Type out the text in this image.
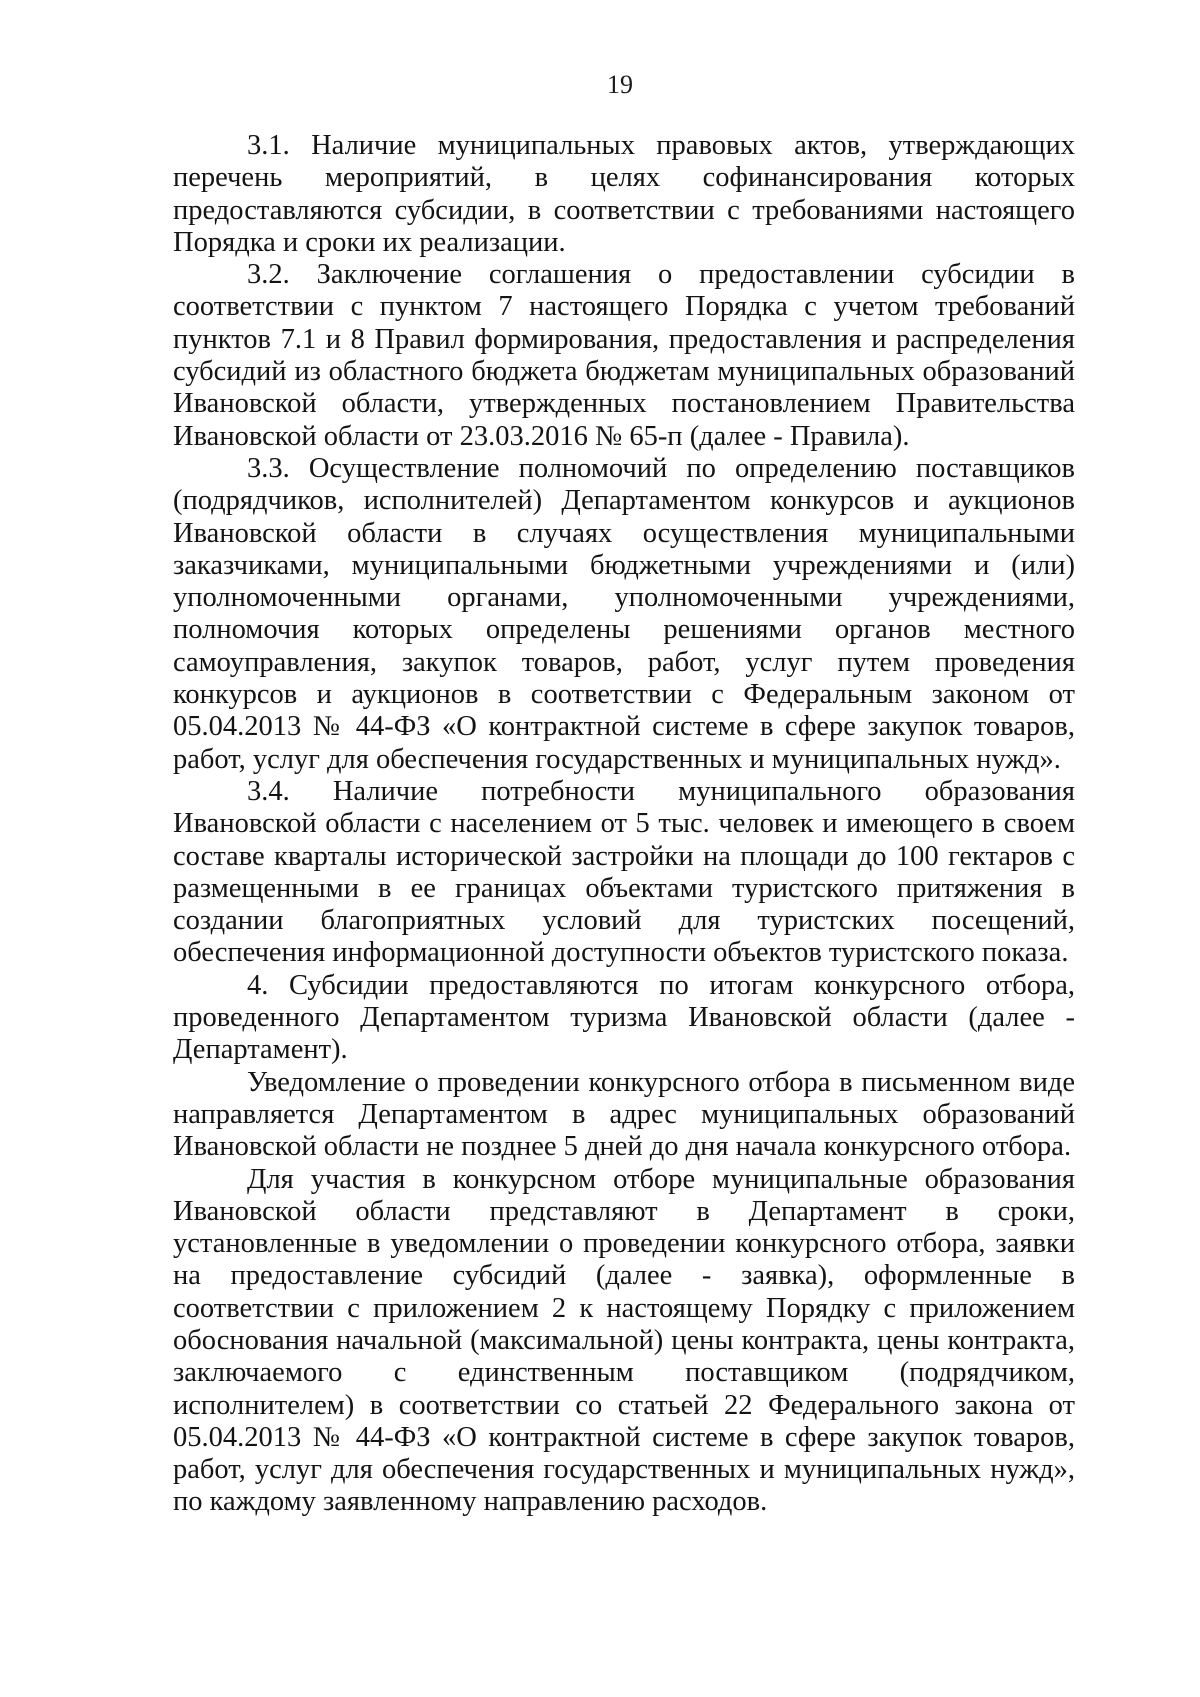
19

3.1. Наличие муниципальных правовых актов, утверждающих перечень мероприятий, в целях софинансирования которых предоставляются субсидии, в соответствии с требованиями настоящего Порядка и сроки их реализации.

3.2. Заключение соглашения о предоставлении субсидии в соответствии с пунктом 7 настоящего Порядка с учетом требований пунктов 7.1 и 8 Правил формирования, предоставления и распределения субсидий из областного бюджета бюджетам муниципальных образований Ивановской области, утвержденных постановлением Правительства Ивановской области от 23.03.2016 № 65-п (далее - Правила).

3.3. Осуществление полномочий по определению поставщиков (подрядчиков, исполнителей) Департаментом конкурсов и аукционов Ивановской области в случаях осуществления муниципальными заказчиками, муниципальными бюджетными учреждениями и (или) уполномоченными органами, уполномоченными учреждениями, полномочия которых определены решениями органов местного самоуправления, закупок товаров, работ, услуг путем проведения конкурсов и аукционов в соответствии с Федеральным законом от 05.04.2013 № 44-ФЗ «О контрактной системе в сфере закупок товаров, работ, услуг для обеспечения государственных и муниципальных нужд».

3.4. Наличие потребности муниципального образования Ивановской области с населением от 5 тыс. человек и имеющего в своем составе кварталы исторической застройки на площади до 100 гектаров с размещенными в ее границах объектами туристского притяжения в создании благоприятных условий для туристских посещений, обеспечения информационной доступности объектов туристского показа.

4. Субсидии предоставляются по итогам конкурсного отбора, проведенного Департаментом туризма Ивановской области (далее - Департамент).

Уведомление о проведении конкурсного отбора в письменном виде направляется Департаментом в адрес муниципальных образований Ивановской области не позднее 5 дней до дня начала конкурсного отбора.

Для участия в конкурсном отборе муниципальные образования Ивановской области представляют в Департамент в сроки, установленные в уведомлении о проведении конкурсного отбора, заявки на предоставление субсидий (далее - заявка), оформленные в соответствии с приложением 2 к настоящему Порядку с приложением обоснования начальной (максимальной) цены контракта, цены контракта, заключаемого с единственным поставщиком (подрядчиком, исполнителем) в соответствии со статьей 22 Федерального закона от 05.04.2013 № 44-ФЗ «О контрактной системе в сфере закупок товаров, работ, услуг для обеспечения государственных и муниципальных нужд», по каждому заявленному направлению расходов.
